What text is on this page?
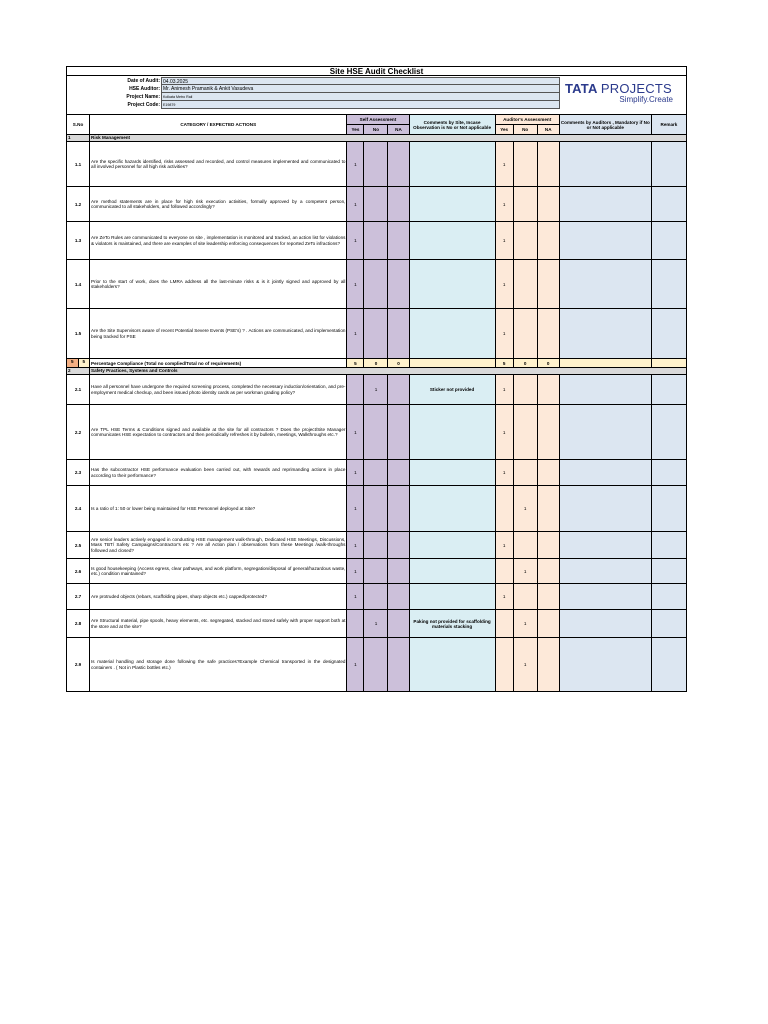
Site HSE Audit Checklist
Date of Audit: 04.03.2025
HSE Auditor: Mr. Animesh Pramanik & Ankit Vasudeva
Project Name: Kolkata Metro Rail
Project Code: E19879
TATA PROJECTS
Simplify.Create
S.No	CATEGORY / EXPECTED ACTIONS	Self Assessment			Comments by Site, Incase Observation is No or Not applicable	Auditor's Assessment			Comments by Auditors , Mandatory if No or Not applicable	Remark
		Yes	No	NA		Yes	No	NA		
1	Risk Management									
1.1	Are the specific hazards identified, risks assessed and recorded, and control measures implemented and communicated to all involved personnel for all high risk activities?	1				1				
1.2	Are method statements are in place for high risk execution activities, formally approved by a competent person, communicated to all stakeholders, and followed accordingly?	1				1				
1.3	Are ZeTo Rules are communicated to everyone on site , implementation is monitored and tracked, an action list for violations & violators is maintained, and there are examples of site leadership enforcing consequences for reported ZeTo infractions?	1				1				
1.4	Prior to the start of work, does the LMRA address all the last-minute risks & is it jointly signed and approved by all stakeholders?	1				1				
1.5	Are the Site Supervisors aware of recent Potential Severe Events (PSE's) ? . Actions are communicated, and implementation being tracked for PSE	1				1				

5 5	Percentage Compliance (Total no complied/Total no of requirements)	5	0	0		5	0	0		
2	Safety Practices, Systems and Controls									
2.1	Have all personnel have undergone the required screening process, completed the necessary induction/orientation, and pre-employment medical checkup, and been issued photo identity cards as per workman grading policy?		1		Sticker not provided	1				
2.2	Are TPL HSE Terms & Conditions signed and available at the site for all contractors ? Does the project/Site Manager communicates HSE expectation to contractors and then periodically refreshes it by bulletin, meetings, Walkthroughs etc.?	1				1				
2.3	Has the subcontractor HSE performance evaluation been carried out, with rewards and reprimanding actions in place according to their performance?	1				1				
2.4	Is a ratio of 1: 50 or lower being maintained for HSE Personnel deployed at Site?	1					1			
2.5	Are senior leaders actively engaged in conducting HSE management walk-through, Dedicated HSE Meetings, Discussions, Mass TBT/ Safety Campaigns/Contractor's etc ? Are all Action plan / observations from these Meetings /walk-throughs followed and closed?	1				1				
2.6	Is good housekeeping (Access egress, clear pathways, and work platform, segregation/disposal of general/hazardous waste, etc.) condition maintained?	1					1			
2.7	Are protruded objects (rebars, scaffolding pipes, sharp objects etc.) capped/protected?	1				1				
2.8	Are Structural material, pipe spools, heavy elements, etc. segregated, stacked and stored safely with proper support both at the store and at the site?		1		Paking not provided for scaffolding materials stacking		1			
2.9	Is material handling and storage done following the safe practices?Example Chemical transported in the designated containers . ( Not in Plastic bottles etc.)	1					1			
